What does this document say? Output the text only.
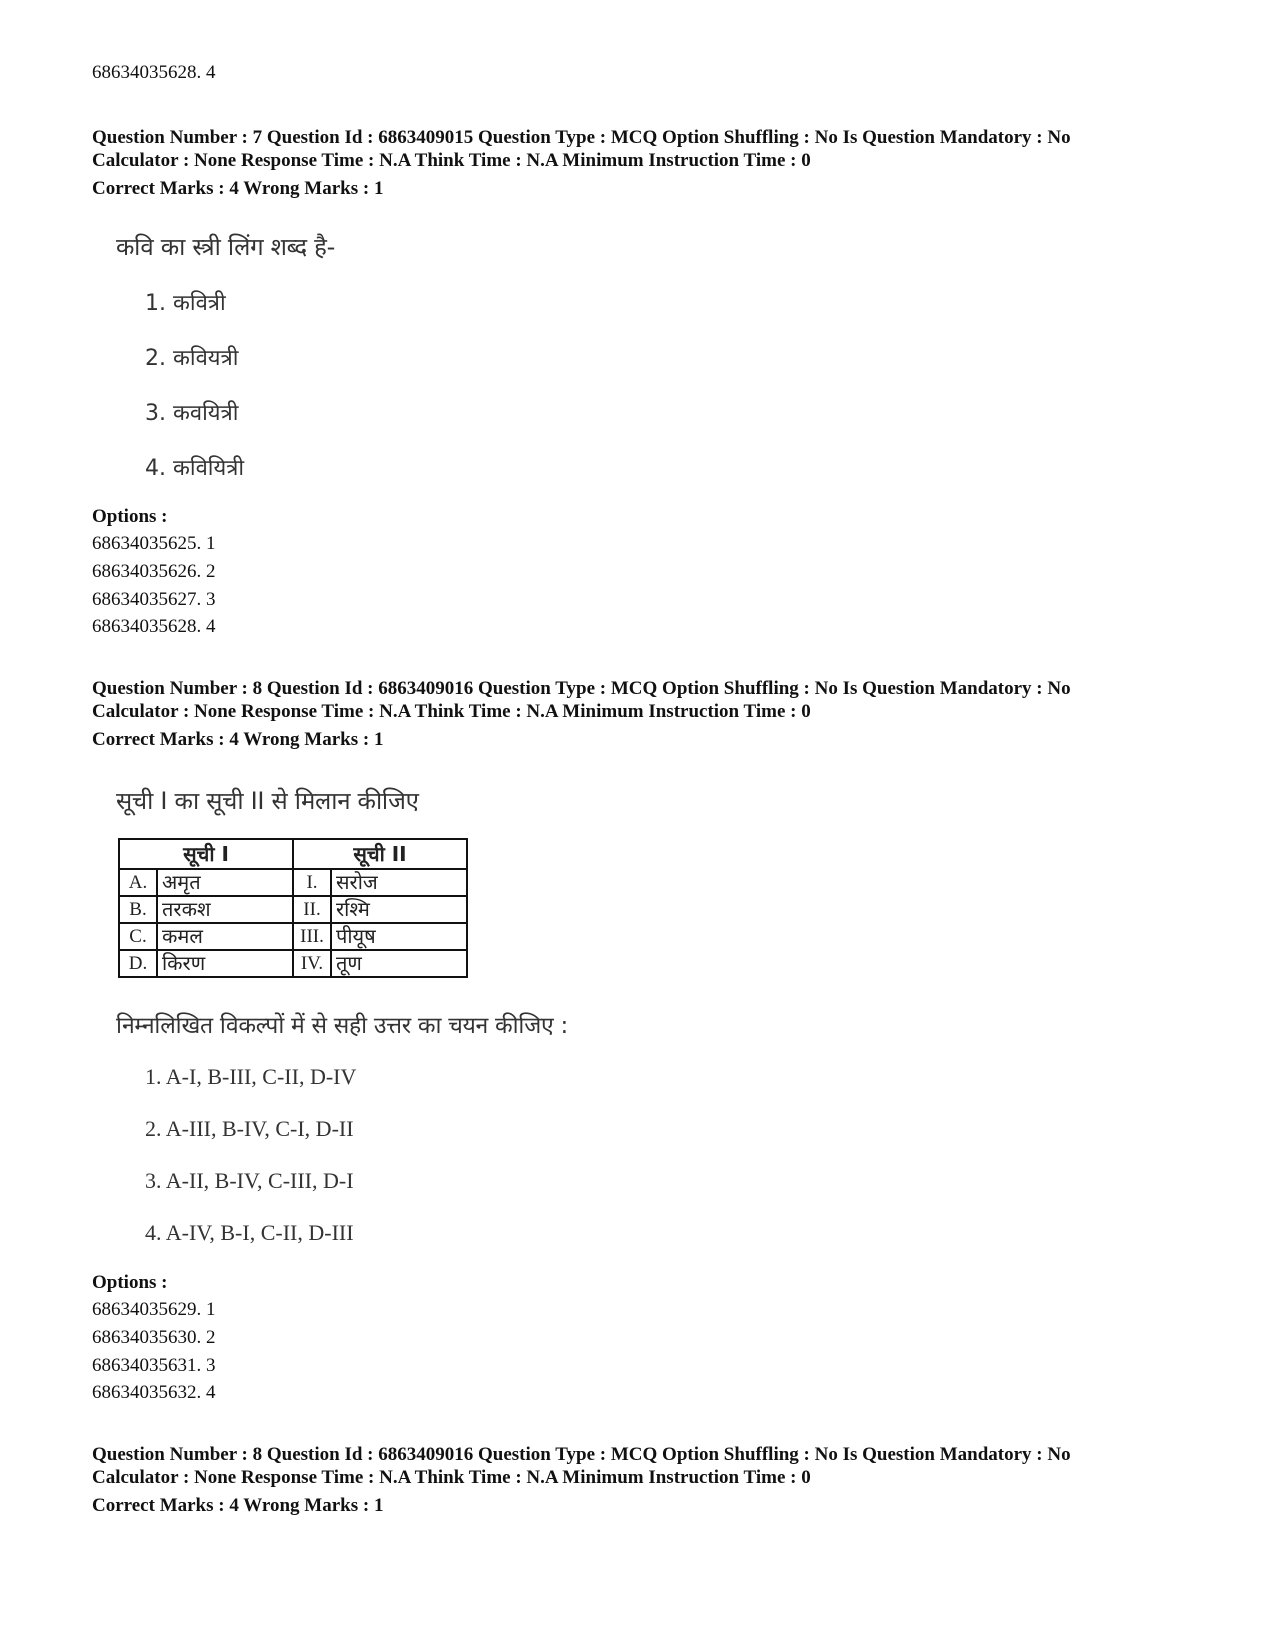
68634035628. 4
Question Number : 7 Question Id : 6863409015 Question Type : MCQ Option Shuffling : No Is Question Mandatory : No
Calculator : None Response Time : N.A Think Time : N.A Minimum Instruction Time : 0
Correct Marks : 4 Wrong Marks : 1
कवि का स्त्री लिंग शब्द है-
1. कवित्री
2. कवियत्री
3. कवयित्री
4. कवियित्री
Options :
68634035625. 1
68634035626. 2
68634035627. 3
68634035628. 4
Question Number : 8 Question Id : 6863409016 Question Type : MCQ Option Shuffling : No Is Question Mandatory : No
Calculator : None Response Time : N.A Think Time : N.A Minimum Instruction Time : 0
Correct Marks : 4 Wrong Marks : 1
सूची I का सूची II से मिलान कीजिए
सूची I		सूची II	
A.	अमृत	I.	सरोज
B.	तरकश	II.	रश्मि
C.	कमल	III.	पीयूष
D.	किरण	IV.	तूण
निम्नलिखित विकल्पों में से सही उत्तर का चयन कीजिए :
1. A-I, B-III, C-II, D-IV
2. A-III, B-IV, C-I, D-II
3. A-II, B-IV, C-III, D-I
4. A-IV, B-I, C-II, D-III
Options :
68634035629. 1
68634035630. 2
68634035631. 3
68634035632. 4
Question Number : 8 Question Id : 6863409016 Question Type : MCQ Option Shuffling : No Is Question Mandatory : No
Calculator : None Response Time : N.A Think Time : N.A Minimum Instruction Time : 0
Correct Marks : 4 Wrong Marks : 1
